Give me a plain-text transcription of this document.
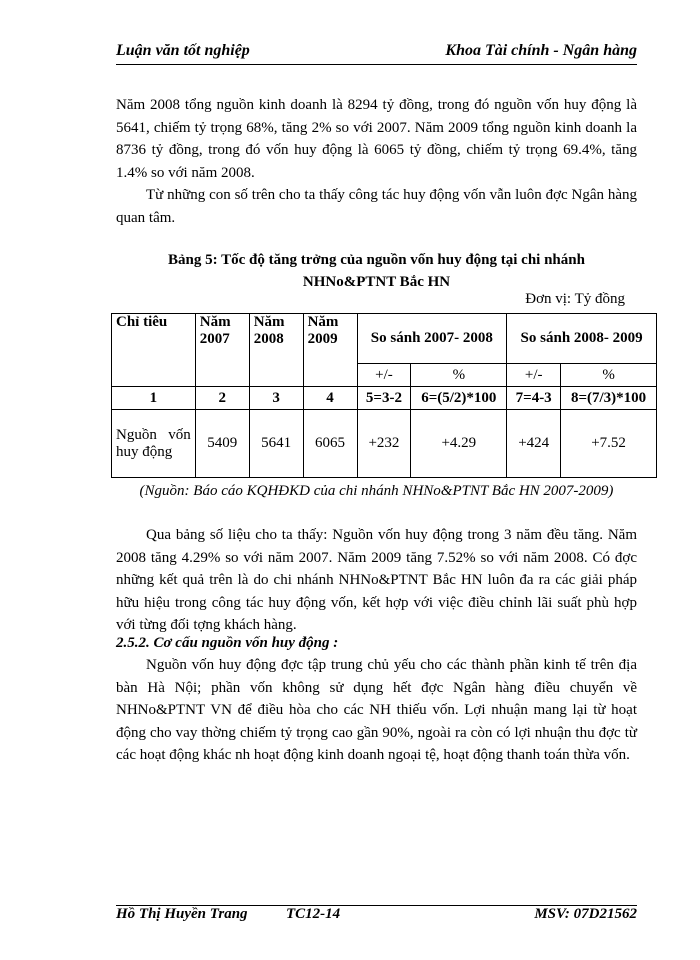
Luận văn tốt nghiệp	Khoa Tài chính - Ngân hàng
Năm 2008 tổng nguồn kinh doanh là 8294 tỷ đồng, trong đó nguồn vốn huy động là 5641, chiếm tỷ trọng 68%, tăng 2% so với 2007. Năm 2009 tổng nguồn kinh doanh la 8736 tỷ đồng, trong đó vốn huy động là 6065 tỷ đồng, chiếm tỷ trọng 69.4%, tăng 1.4% so với năm 2008.
Từ những con số trên cho ta thấy công tác huy động vốn vẫn luôn đợc Ngân hàng quan tâm.
Bảng 5: Tốc độ tăng trởng của nguồn vốn huy động tại chi nhánh
NHNo&PTNT Bắc HN
Đơn vị: Tỷ đồng
Chỉ tiêu	Năm 2007	Năm 2008	Năm 2009	So sánh 2007- 2008		So sánh 2008- 2009	
				+/-	%	+/-	%
1	2	3	4	5=3-2	6=(5/2)*100	7=4-3	8=(7/3)*100
Nguồn vốn huy động	5409	5641	6065	+232	+4.29	+424	+7.52
(Nguồn: Báo cáo KQHĐKD của chi nhánh NHNo&PTNT Bắc HN 2007-2009)
Qua bảng số liệu cho ta thấy: Nguồn vốn huy động trong 3 năm đều tăng. Năm 2008 tăng 4.29% so với năm 2007. Năm 2009 tăng 7.52% so với năm 2008. Có đợc những kết quả trên là do chi nhánh NHNo&PTNT Bắc HN luôn đa ra các giải pháp hữu hiệu trong công tác huy động vốn, kết hợp với việc điều chỉnh lãi suất phù hợp với từng đối tợng khách hàng.
2.5.2. Cơ cấu nguồn vốn huy động :
Nguồn vốn huy động đợc tập trung chủ yếu cho các thành phần kinh tế trên địa bàn Hà Nội; phần vốn không sử dụng hết đợc Ngân hàng điều chuyển về NHNo&PTNT VN để điều hòa cho các NH thiếu vốn. Lợi nhuận mang lại từ hoạt động cho vay thờng chiếm tỷ trọng cao gần 90%, ngoài ra còn có lợi nhuận thu đợc từ các hoạt động khác nh hoạt động kinh doanh ngoại tệ, hoạt động thanh toán thừa vốn.
Hồ Thị Huyền Trang	TC12-14	MSV: 07D21562
